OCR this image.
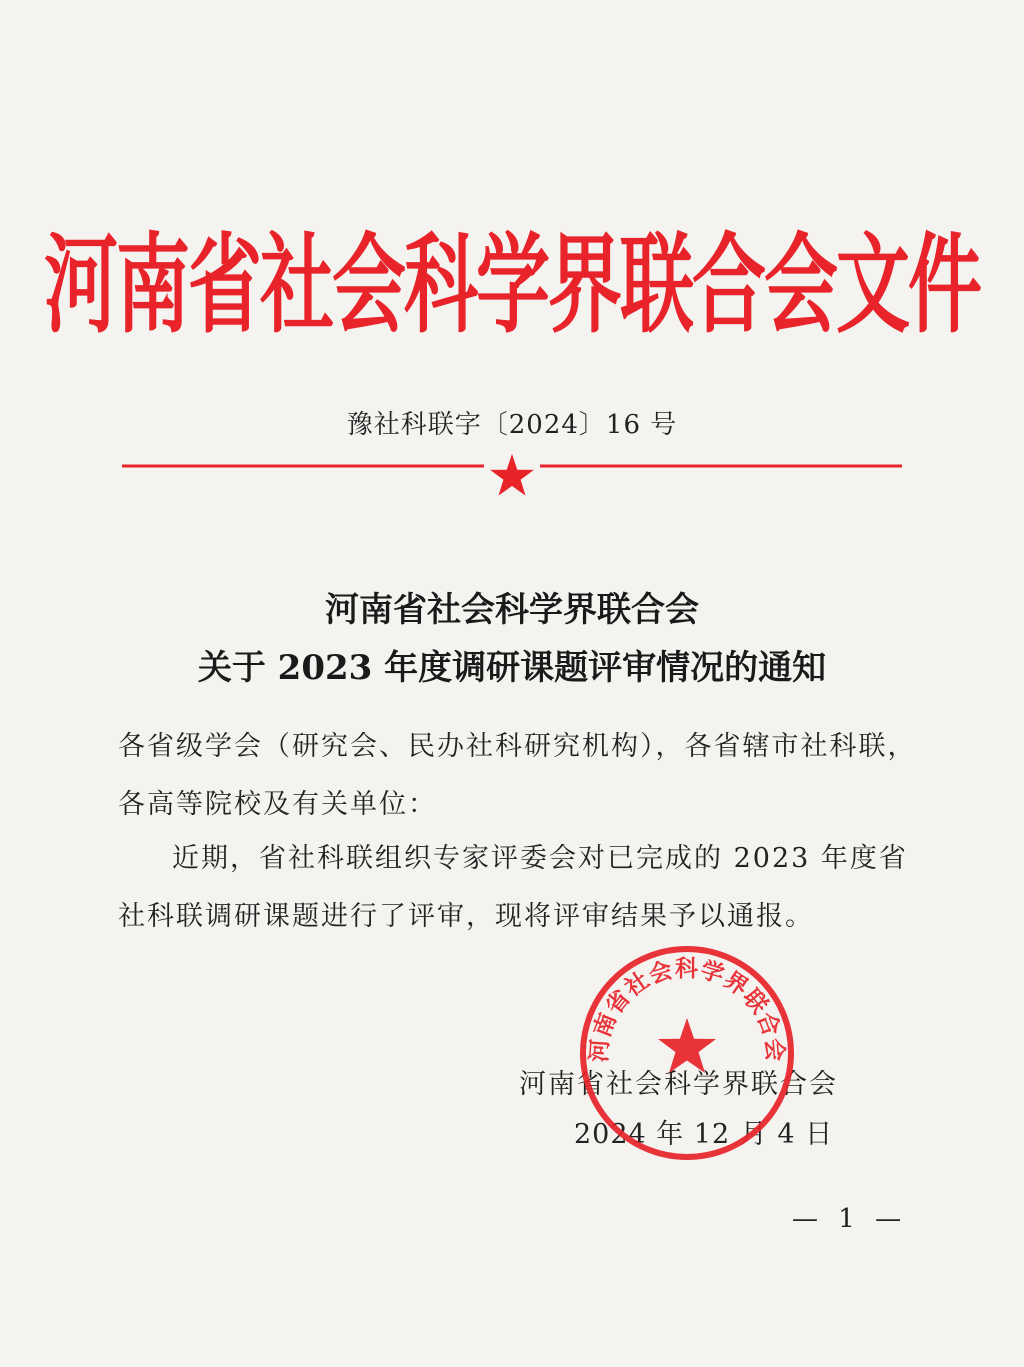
河南省社会科学界联合会文件
豫社科联字〔2024〕16 号
河南省社会科学界联合会
关于 2023 年度调研课题评审情况的通知
各省级学会（研究会、民办社科研究机构），各省辖市社科联，各高等院校及有关单位：
近期，省社科联组织专家评委会对已完成的 2023 年度省社科联调研课题进行了评审，现将评审结果予以通报。
河南省社会科学界联合会
2024 年 12 月 4 日
河南省社会科学界联合会
— 1 —
